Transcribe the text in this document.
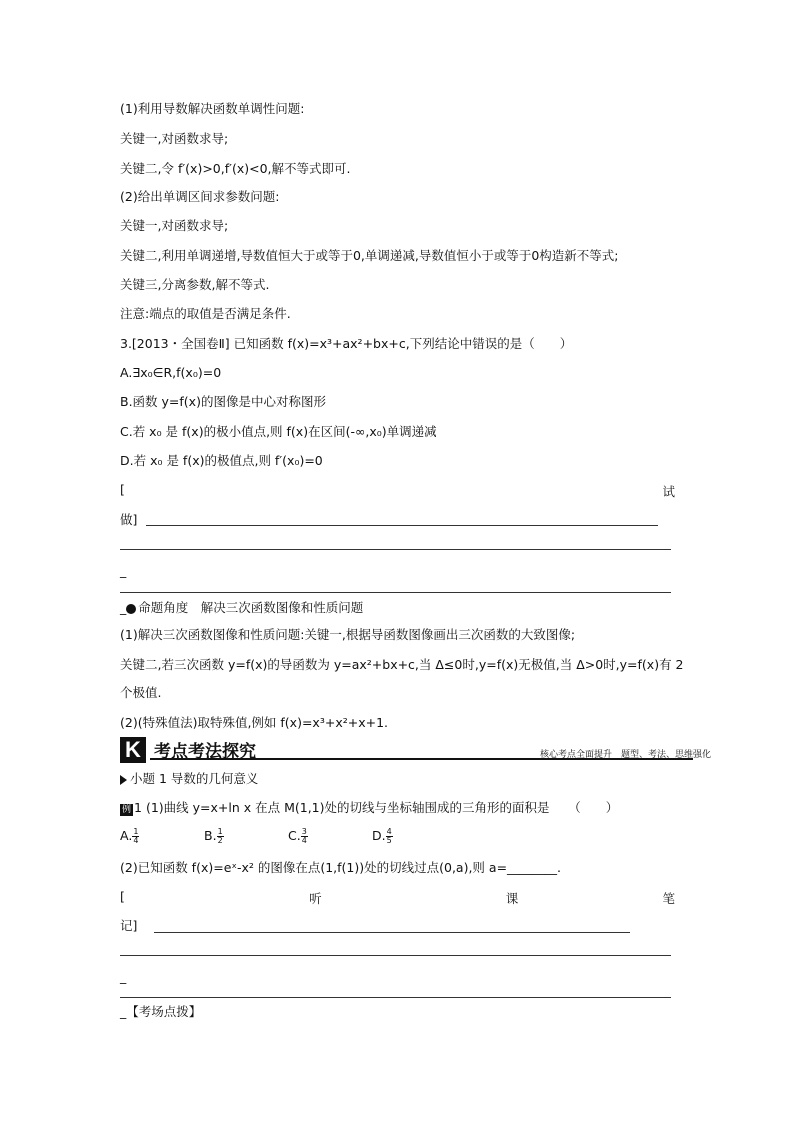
(1)利用导数解决函数单调性问题:
关键一,对函数求导;
关键二,令 f′(x)>0,f′(x)<0,解不等式即可.
(2)给出单调区间求参数问题:
关键一,对函数求导;
关键二,利用单调递增,导数值恒大于或等于0,单调递减,导数值恒小于或等于0构造新不等式;
关键三,分离参数,解不等式.
注意:端点的取值是否满足条件.
3.[2013・全国卷Ⅱ] 已知函数 f(x)=x³+ax²+bx+c,下列结论中错误的是（　　）
A.∃x₀∈R,f(x₀)=0
B.函数 y=f(x)的图像是中心对称图形
C.若 x₀ 是 f(x)的极小值点,则 f(x)在区间(-∞,x₀)单调递减
D.若 x₀ 是 f(x)的极值点,则 f′(x₀)=0
[	试
做]
_
_ 命题角度　解决三次函数图像和性质问题
(1)解决三次函数图像和性质问题:关键一,根据导函数图像画出三次函数的大致图像;
关键二,若三次函数 y=f(x)的导函数为 y=ax²+bx+c,当 Δ≤0时,y=f(x)无极值,当 Δ>0时,y=f(x)有 2
个极值.
(2)(特殊值法)取特殊值,例如 f(x)=x³+x²+x+1.
K 考点考法探究	核心考点全面提升　题型、考法、思维强化
小题 1 导数的几何意义
例 1 (1)曲线 y=x+ln x 在点 M(1,1)处的切线与坐标轴围成的三角形的面积是　　（　　）
A. $\frac{1}{4}$	B. $\frac{1}{2}$	C. $\frac{3}{4}$	D. $\frac{4}{5}$
(2)已知函数 f(x)=eˣ-x² 的图像在点(1,f(1))处的切线过点(0,a),则 a=________.
[	听	课	笔
记]
_
_【考场点拨】
